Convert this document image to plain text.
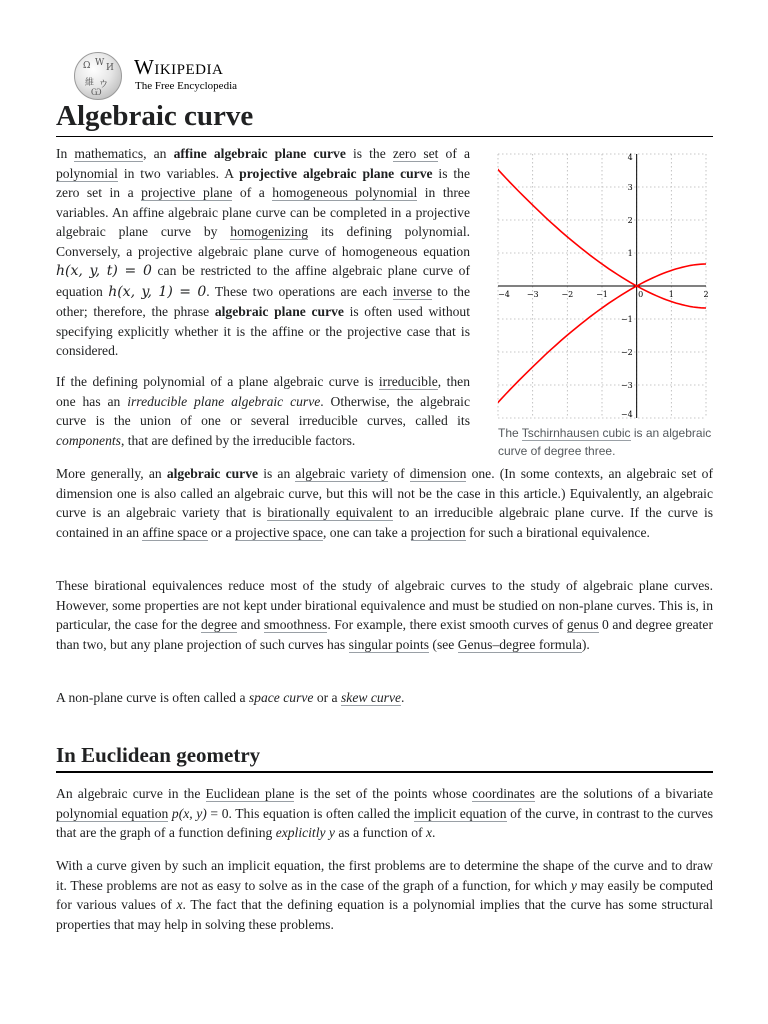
Ω W И
維 ウ
Ѡ
Wikipedia
The Free Encyclopedia
Algebraic curve

In mathematics, an affine algebraic plane curve is the zero set of a polynomial in two variables. A projective algebraic plane curve is the zero set in a projective plane of a homogeneous polynomial in three variables. An affine algebraic plane curve can be completed in a projective algebraic plane curve by homogenizing its defining polynomial. Conversely, a projective algebraic plane curve of homogeneous equation h(x, y, t) = 0 can be restricted to the affine algebraic plane curve of equation h(x, y, 1) = 0. These two operations are each inverse to the other; therefore, the phrase algebraic plane curve is often used without specifying explicitly whether it is the affine or the projective case that is considered.

If the defining polynomial of a plane algebraic curve is irreducible, then one has an irreducible plane algebraic curve. Otherwise, the algebraic curve is the union of one or several irreducible curves, called its components, that are defined by the irreducible factors.

−4 −3	−2	−1	0	1	2
4
3
2
1
−1
−2
−3
−4
The Tschirnhausen cubic is an algebraic curve of degree three.

More generally, an algebraic curve is an algebraic variety of dimension one. (In some contexts, an algebraic set of dimension one is also called an algebraic curve, but this will not be the case in this article.) Equivalently, an algebraic curve is an algebraic variety that is birationally equivalent to an irreducible algebraic plane curve. If the curve is contained in an affine space or a projective space, one can take a projection for such a birational equivalence.

These birational equivalences reduce most of the study of algebraic curves to the study of algebraic plane curves. However, some properties are not kept under birational equivalence and must be studied on non-plane curves. This is, in particular, the case for the degree and smoothness. For example, there exist smooth curves of genus 0 and degree greater than two, but any plane projection of such curves has singular points (see Genus–degree formula).

A non-plane curve is often called a space curve or a skew curve.

In Euclidean geometry

An algebraic curve in the Euclidean plane is the set of the points whose coordinates are the solutions of a bivariate polynomial equation p(x, y) = 0. This equation is often called the implicit equation of the curve, in contrast to the curves that are the graph of a function defining explicitly y as a function of x.

With a curve given by such an implicit equation, the first problems are to determine the shape of the curve and to draw it. These problems are not as easy to solve as in the case of the graph of a function, for which y may easily be computed for various values of x. The fact that the defining equation is a polynomial implies that the curve has some structural properties that may help in solving these problems.
